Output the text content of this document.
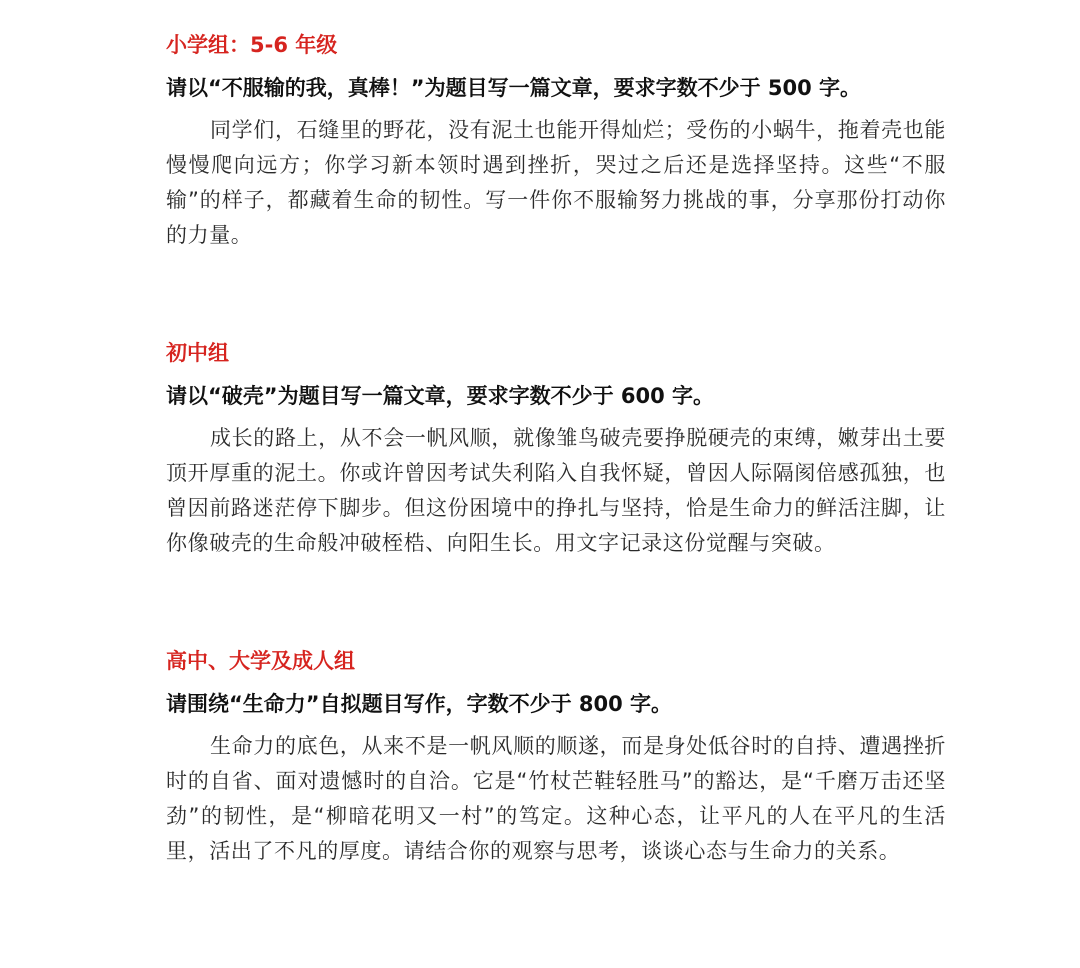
小学组：5-6 年级

请以“不服输的我，真棒！”为题目写一篇文章，要求字数不少于 500 字。

同学们，石缝里的野花，没有泥土也能开得灿烂；受伤的小蜗牛，拖着壳也能慢慢爬向远方；你学习新本领时遇到挫折，哭过之后还是选择坚持。这些“不服输”的样子，都藏着生命的韧性。写一件你不服输努力挑战的事，分享那份打动你的力量。

初中组

请以“破壳”为题目写一篇文章，要求字数不少于 600 字。

成长的路上，从不会一帆风顺，就像雏鸟破壳要挣脱硬壳的束缚，嫩芽出土要顶开厚重的泥土。你或许曾因考试失利陷入自我怀疑，曾因人际隔阂倍感孤独，也曾因前路迷茫停下脚步。但这份困境中的挣扎与坚持，恰是生命力的鲜活注脚，让你像破壳的生命般冲破桎梏、向阳生长。用文字记录这份觉醒与突破。

高中、大学及成人组

请围绕“生命力”自拟题目写作，字数不少于 800 字。

生命力的底色，从来不是一帆风顺的顺遂，而是身处低谷时的自持、遭遇挫折时的自省、面对遗憾时的自洽。它是“竹杖芒鞋轻胜马”的豁达，是“千磨万击还坚劲”的韧性，是“柳暗花明又一村”的笃定。这种心态，让平凡的人在平凡的生活里，活出了不凡的厚度。请结合你的观察与思考，谈谈心态与生命力的关系。
